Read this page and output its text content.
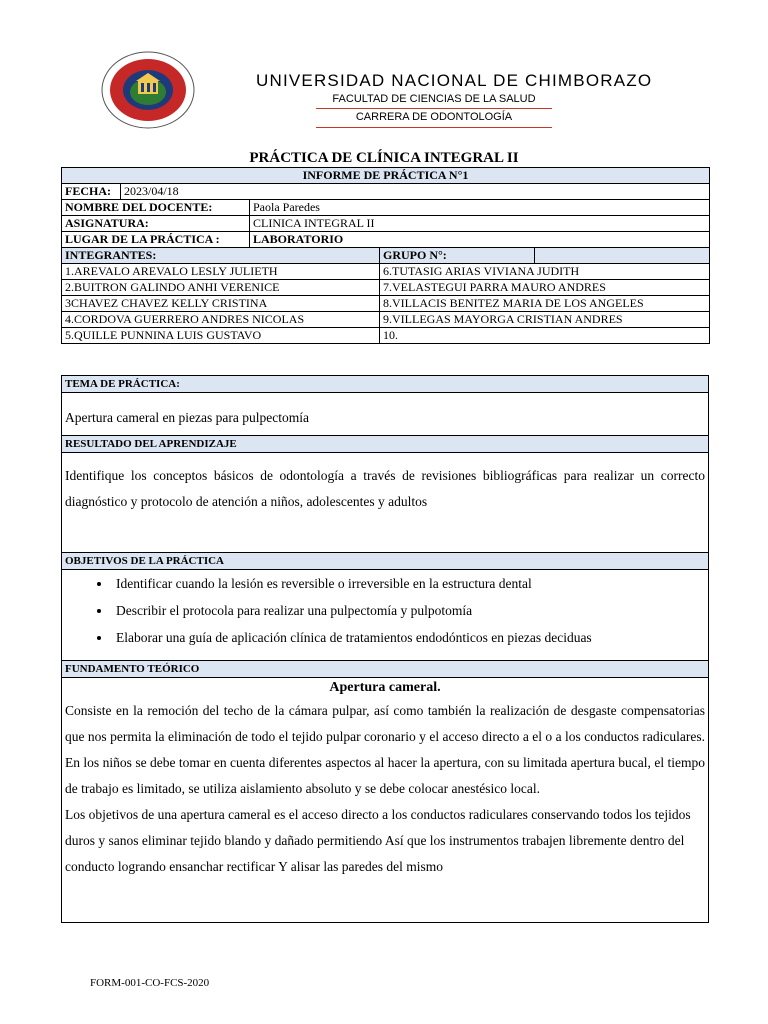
UNIVERSIDAD NACIONAL DE CHIMBORAZO
FACULTAD DE CIENCIAS DE LA SALUD
CARRERA DE ODONTOLOGÍA
PRÁCTICA DE CLÍNICA INTEGRAL II
INFORME DE PRÁCTICA N°1				
FECHA:	2023/04/18			
NOMBRE DEL DOCENTE:		Paola Paredes		
ASIGNATURA:		CLINICA INTEGRAL II		
LUGAR DE LA PRÁCTICA :		LABORATORIO		
INTEGRANTES:			GRUPO N°:	
1.AREVALO AREVALO LESLY JULIETH			6.TUTASIG ARIAS VIVIANA JUDITH	
2.BUITRON GALINDO ANHI VERENICE			7.VELASTEGUI PARRA MAURO ANDRES	
3CHAVEZ CHAVEZ KELLY CRISTINA			8.VILLACIS BENITEZ MARIA DE LOS ANGELES	
4.CORDOVA GUERRERO ANDRES NICOLAS			9.VILLEGAS MAYORGA CRISTIAN ANDRES	
5.QUILLE PUNNINA LUIS GUSTAVO			10.	
TEMA DE PRÁCTICA:
Apertura cameral en piezas para pulpectomía
RESULTADO DEL APRENDIZAJE
Identifique los conceptos básicos de odontología a través de revisiones bibliográficas para realizar un correcto diagnóstico y protocolo de atención a niños, adolescentes y adultos
OBJETIVOS DE LA PRÁCTICA
• Identificar cuando la lesión es reversible o irreversible en la estructura dental
• Describir el protocola para realizar una pulpectomía y pulpotomía
• Elaborar una guía de aplicación clínica de tratamientos endodónticos en piezas deciduas
FUNDAMENTO TEÓRICO
Apertura cameral.
Consiste en la remoción del techo de la cámara pulpar, así como también la realización de desgaste compensatorias que nos permita la eliminación de todo el tejido pulpar coronario y el acceso directo a el o a los conductos radiculares. En los niños se debe tomar en cuenta diferentes aspectos al hacer la apertura, con su limitada apertura bucal, el tiempo de trabajo es limitado, se utiliza aislamiento absoluto y se debe colocar anestésico local.
Los objetivos de una apertura cameral es el acceso directo a los conductos radiculares conservando todos los tejidos duros y sanos eliminar tejido blando y dañado permitiendo Así que los instrumentos trabajen libremente dentro del conducto logrando ensanchar rectificar Y alisar las paredes del mismo
FORM-001-CO-FCS-2020
